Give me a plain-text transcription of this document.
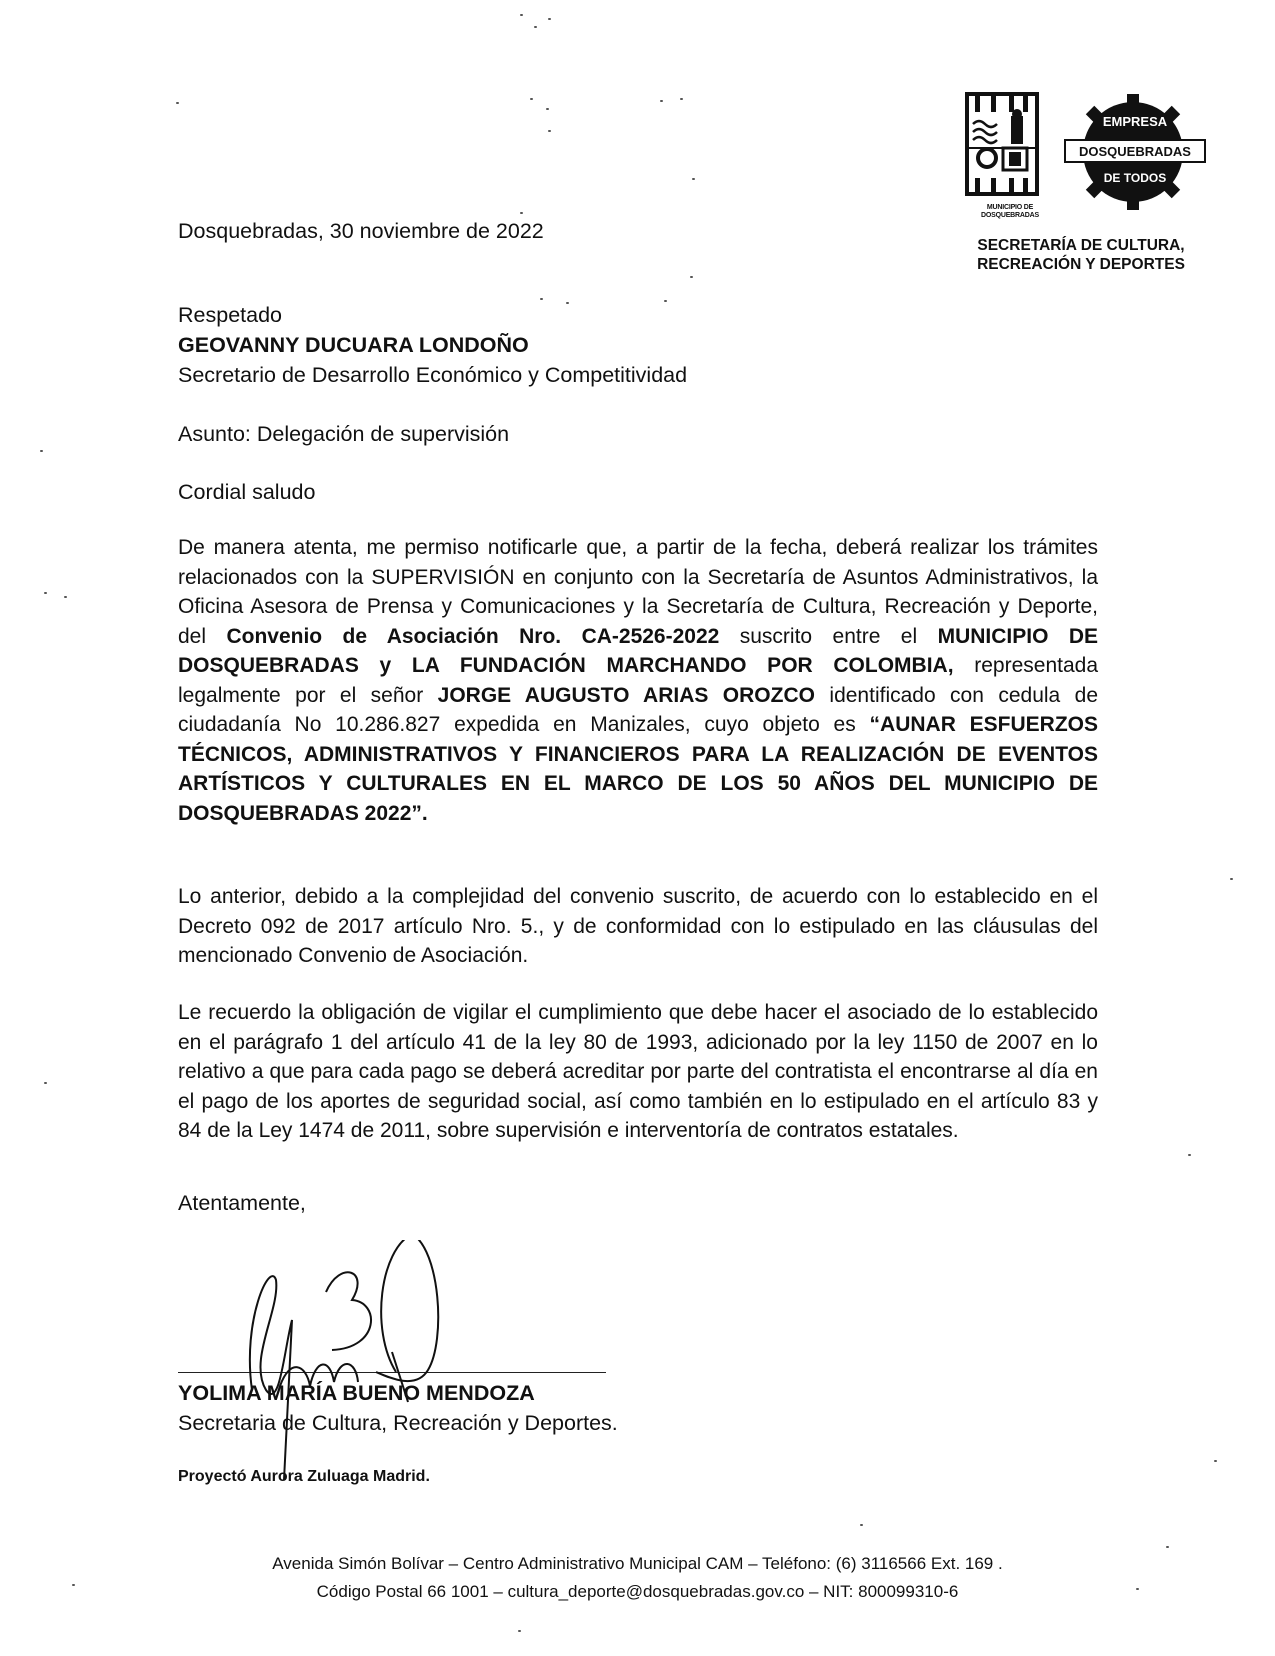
MUNICIPIO DE DOSQUEBRADAS
DOSQUEBRADAS
EMPRESA
DE TODOS
SECRETARÍA DE CULTURA, RECREACIÓN Y DEPORTES
Dosquebradas, 30 noviembre de 2022
Respetado
GEOVANNY DUCUARA LONDOÑO
Secretario de Desarrollo Económico y Competitividad
Asunto: Delegación de supervisión
Cordial saludo
De manera atenta, me permiso notificarle que, a partir de la fecha, deberá realizar los trámites relacionados con la SUPERVISIÓN en conjunto con la Secretaría de Asuntos Administrativos, la Oficina Asesora de Prensa y Comunicaciones y la Secretaría de Cultura, Recreación y Deporte, del Convenio de Asociación Nro. CA-2526-2022 suscrito entre el MUNICIPIO DE DOSQUEBRADAS y LA FUNDACIÓN MARCHANDO POR COLOMBIA, representada legalmente por el señor JORGE AUGUSTO ARIAS OROZCO identificado con cedula de ciudadanía No 10.286.827 expedida en Manizales, cuyo objeto es “AUNAR ESFUERZOS TÉCNICOS, ADMINISTRATIVOS Y FINANCIEROS PARA LA REALIZACIÓN DE EVENTOS ARTÍSTICOS Y CULTURALES EN EL MARCO DE LOS 50 AÑOS DEL MUNICIPIO DE DOSQUEBRADAS 2022”.
Lo anterior, debido a la complejidad del convenio suscrito, de acuerdo con lo establecido en el Decreto 092 de 2017 artículo Nro. 5., y de conformidad con lo estipulado en las cláusulas del mencionado Convenio de Asociación.
Le recuerdo la obligación de vigilar el cumplimiento que debe hacer el asociado de lo establecido en el parágrafo 1 del artículo 41 de la ley 80 de 1993, adicionado por la ley 1150 de 2007 en lo relativo a que para cada pago se deberá acreditar por parte del contratista el encontrarse al día en el pago de los aportes de seguridad social, así como también en lo estipulado en el artículo 83 y 84 de la Ley 1474 de 2011, sobre supervisión e interventoría de contratos estatales.
Atentamente,
YOLIMA MARÍA BUENO MENDOZA
Secretaria de Cultura, Recreación y Deportes.
Proyectó Aurora Zuluaga Madrid.
Avenida Simón Bolívar – Centro Administrativo Municipal CAM – Teléfono: (6) 3116566 Ext. 169 .
Código Postal 66 1001 – cultura_deporte@dosquebradas.gov.co – NIT: 800099310-6
